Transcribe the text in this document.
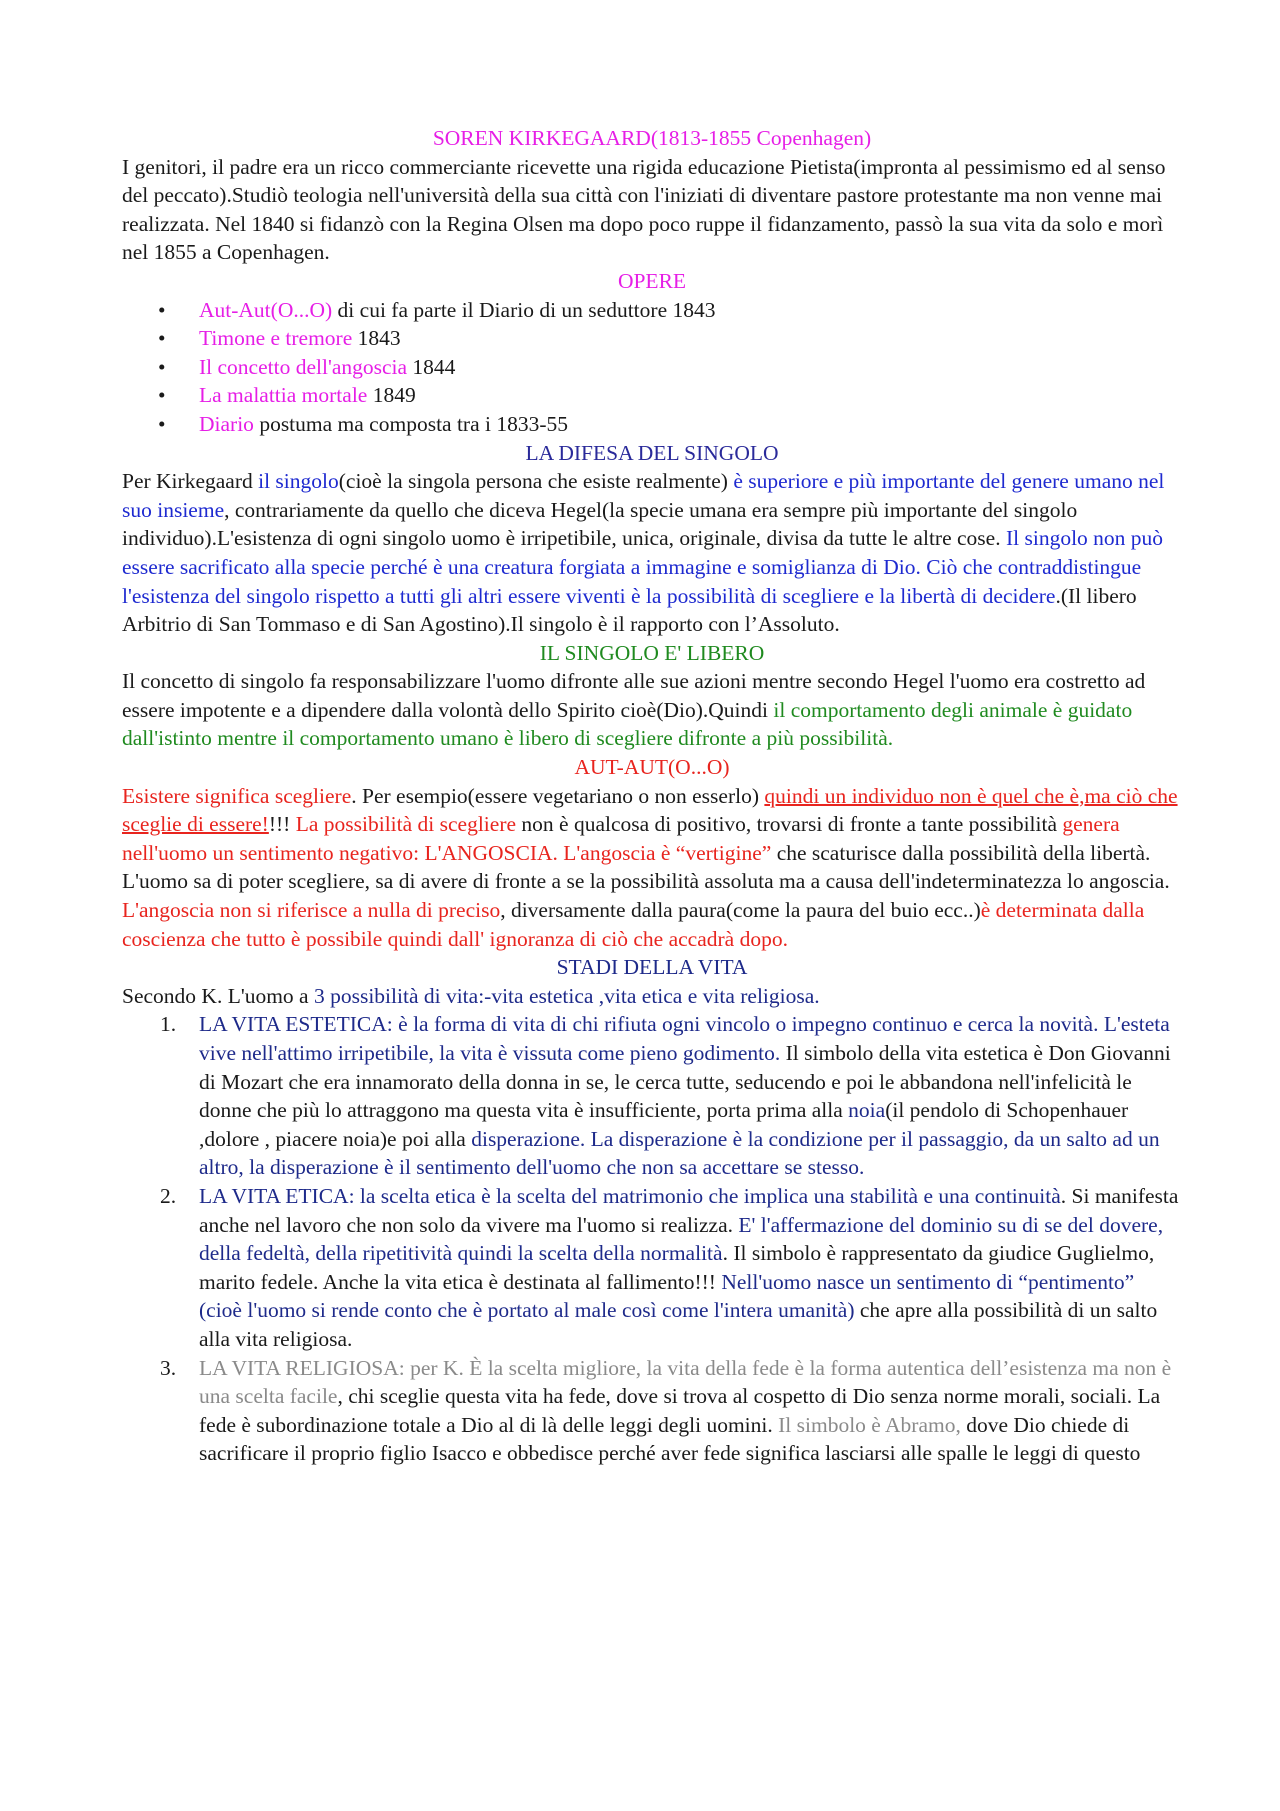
SOREN KIRKEGAARD(1813-1855 Copenhagen)

I genitori, il padre era un ricco commerciante ricevette una rigida educazione Pietista(impronta al pessimismo ed al senso del peccato).Studiò teologia nell'università della sua città con l'iniziati di diventare pastore protestante ma non venne mai realizzata. Nel 1840 si fidanzò con la Regina Olsen ma dopo poco ruppe il fidanzamento, passò la sua vita da solo e morì nel 1855 a Copenhagen.

OPERE

• Aut-Aut(O...O) di cui fa parte il Diario di un seduttore 1843
• Timone e tremore 1843
• Il concetto dell'angoscia 1844
• La malattia mortale 1849
• Diario postuma ma composta tra i 1833-55

LA DIFESA DEL SINGOLO

Per Kirkegaard il singolo(cioè la singola persona che esiste realmente) è superiore e più importante del genere umano nel suo insieme, contrariamente da quello che diceva Hegel(la specie umana era sempre più importante del singolo individuo).L'esistenza di ogni singolo uomo è irripetibile, unica, originale, divisa da tutte le altre cose. Il singolo non può essere sacrificato alla specie perché è una creatura forgiata a immagine e somiglianza di Dio. Ciò che contraddistingue l'esistenza del singolo rispetto a tutti gli altri essere viventi è la possibilità di scegliere e la libertà di decidere.(Il libero Arbitrio di San Tommaso e di San Agostino).Il singolo è il rapporto con l’Assoluto.

IL SINGOLO E' LIBERO

Il concetto di singolo fa responsabilizzare l'uomo difronte alle sue azioni mentre secondo Hegel l'uomo era costretto ad essere impotente e a dipendere dalla volontà dello Spirito cioè(Dio).Quindi il comportamento degli animale è guidato dall'istinto mentre il comportamento umano è libero di scegliere difronte a più possibilità.

AUT-AUT(O...O)

Esistere significa scegliere. Per esempio(essere vegetariano o non esserlo) quindi un individuo non è quel che è,ma ciò che sceglie di essere!!!! La possibilità di scegliere non è qualcosa di positivo, trovarsi di fronte a tante possibilità genera nell'uomo un sentimento negativo: L'ANGOSCIA. L'angoscia è “vertigine” che scaturisce dalla possibilità della libertà. L'uomo sa di poter scegliere, sa di avere di fronte a se la possibilità assoluta ma a causa dell'indeterminatezza lo angoscia. L'angoscia non si riferisce a nulla di preciso, diversamente dalla paura(come la paura del buio ecc..)è determinata dalla coscienza che tutto è possibile quindi dall' ignoranza di ciò che accadrà dopo.

STADI DELLA VITA

Secondo K. L'uomo a 3 possibilità di vita:-vita estetica ,vita etica e vita religiosa.

1. LA VITA ESTETICA: è la forma di vita di chi rifiuta ogni vincolo o impegno continuo e cerca la novità. L'esteta vive nell'attimo irripetibile, la vita è vissuta come pieno godimento. Il simbolo della vita estetica è Don Giovanni di Mozart che era innamorato della donna in se, le cerca tutte, seducendo e poi le abbandona nell'infelicità le donne che più lo attraggono ma questa vita è insufficiente, porta prima alla noia(il pendolo di Schopenhauer ,dolore , piacere noia)e poi alla disperazione. La disperazione è la condizione per il passaggio, da un salto ad un altro, la disperazione è il sentimento dell'uomo che non sa accettare se stesso.
2. LA VITA ETICA: la scelta etica è la scelta del matrimonio che implica una stabilità e una continuità. Si manifesta anche nel lavoro che non solo da vivere ma l'uomo si realizza. E' l'affermazione del dominio su di se del dovere, della fedeltà, della ripetitività quindi la scelta della normalità. Il simbolo è rappresentato da giudice Guglielmo, marito fedele. Anche la vita etica è destinata al fallimento!!! Nell'uomo nasce un sentimento di “pentimento” (cioè l'uomo si rende conto che è portato al male così come l'intera umanità) che apre alla possibilità di un salto alla vita religiosa.
3. LA VITA RELIGIOSA: per K. È la scelta migliore, la vita della fede è la forma autentica dell’esistenza ma non è una scelta facile, chi sceglie questa vita ha fede, dove si trova al cospetto di Dio senza norme morali, sociali. La fede è subordinazione totale a Dio al di là delle leggi degli uomini. Il simbolo è Abramo, dove Dio chiede di sacrificare il proprio figlio Isacco e obbedisce perché aver fede significa lasciarsi alle spalle le leggi di questo
